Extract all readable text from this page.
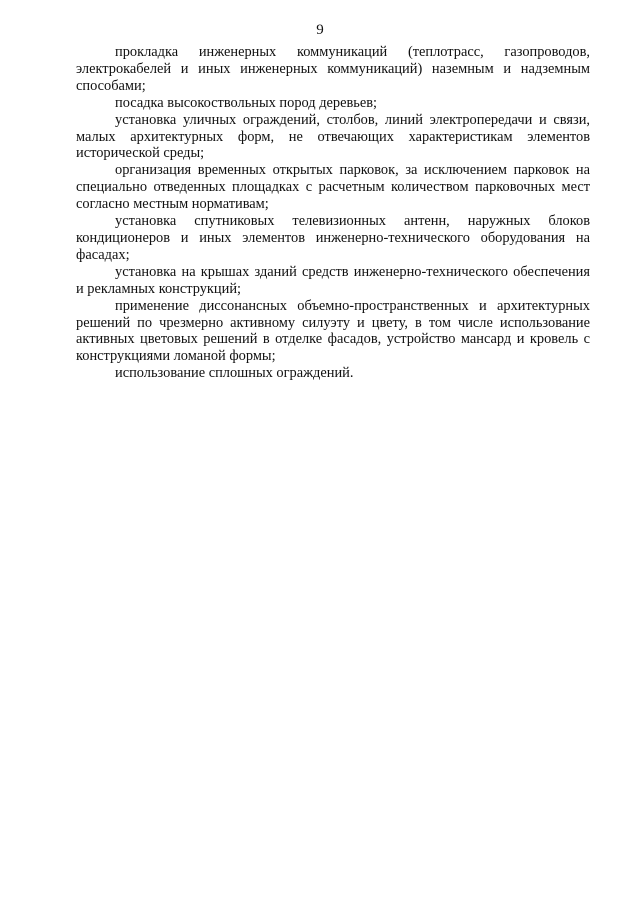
9

прокладка инженерных коммуникаций (теплотрасс, газопроводов, электрокабелей и иных инженерных коммуникаций) наземным и надземным способами;

посадка высокоствольных пород деревьев;

установка уличных ограждений, столбов, линий электропередачи и связи, малых архитектурных форм, не отвечающих характеристикам элементов исторической среды;

организация временных открытых парковок, за исключением парковок на специально отведенных площадках с расчетным количеством парковочных мест согласно местным нормативам;

установка спутниковых телевизионных антенн, наружных блоков кондиционеров и иных элементов инженерно-технического оборудования на фасадах;

установка на крышах зданий средств инженерно-технического обеспечения и рекламных конструкций;

применение диссонансных объемно-пространственных и архитектурных решений по чрезмерно активному силуэту и цвету, в том числе использование активных цветовых решений в отделке фасадов, устройство мансард и кровель с конструкциями ломаной формы;

использование сплошных ограждений.
